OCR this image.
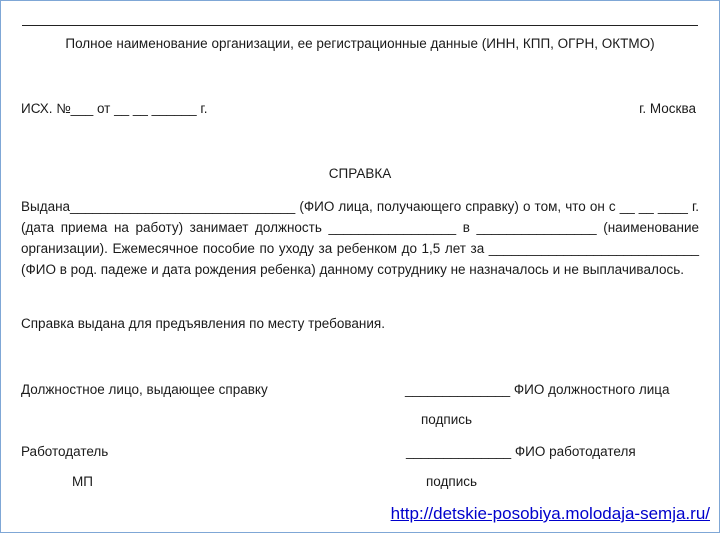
Полное наименование организации, ее регистрационные данные (ИНН, КПП, ОГРН, ОКТМО)
ИСХ. №___ от __ __ ______ г.	г. Москва
СПРАВКА
Выдана______________________________ (ФИО лица, получающего справку) о том, что он с __ __ ____ г. (дата приема на работу) занимает должность _________________ в ________________ (наименование организации). Ежемесячное пособие по уходу за ребенком до 1,5 лет за ____________________________ (ФИО в род. падеже и дата рождения ребенка) данному сотруднику не назначалось и не выплачивалось.
Справка выдана для предъявления по месту требования.
Должностное лицо, выдающее справку	______________ ФИО должностного лица
подпись
Работодатель	______________ ФИО работодателя
МП	подпись
http://detskie-posobiya.molodaja-semja.ru/
